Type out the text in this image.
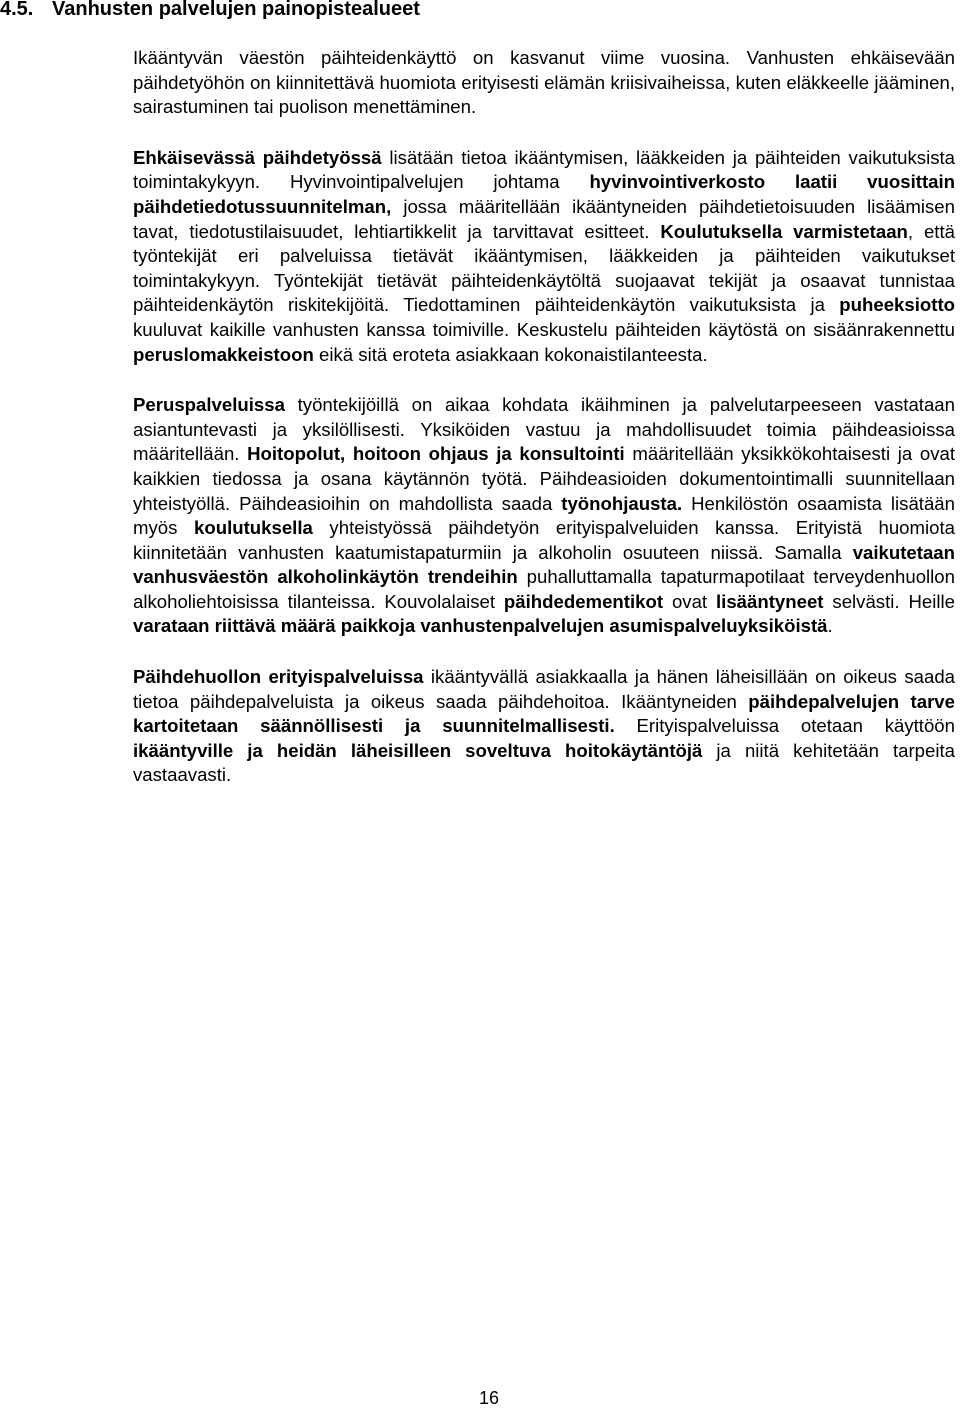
4.5. Vanhusten palvelujen painopistealueet

Ikääntyvän väestön päihteidenkäyttö on kasvanut viime vuosina. Vanhusten ehkäisevään päihdetyöhön on kiinnitettävä huomiota erityisesti elämän kriisivaiheissa, kuten eläkkeelle jääminen, sairastuminen tai puolison menettäminen.

Ehkäisevässä päihdetyössä lisätään tietoa ikääntymisen, lääkkeiden ja päihteiden vaikutuksista toimintakykyyn. Hyvinvointipalvelujen johtama hyvinvointiverkosto laatii vuosittain päihdetiedotussuunnitelman, jossa määritellään ikääntyneiden päihdetietoisuuden lisäämisen tavat, tiedotustilaisuudet, lehtiartikkelit ja tarvittavat esitteet. Koulutuksella varmistetaan, että työntekijät eri palveluissa tietävät ikääntymisen, lääkkeiden ja päihteiden vaikutukset toimintakykyyn. Työntekijät tietävät päihteidenkäytöltä suojaavat tekijät ja osaavat tunnistaa päihteidenkäytön riskitekijöitä. Tiedottaminen päihteidenkäytön vaikutuksista ja puheeksiotto kuuluvat kaikille vanhusten kanssa toimiville. Keskustelu päihteiden käytöstä on sisäänrakennettu peruslomakkeistoon eikä sitä eroteta asiakkaan kokonaistilanteesta.

Peruspalveluissa työntekijöillä on aikaa kohdata ikäihminen ja palvelutarpeeseen vastataan asiantuntevasti ja yksilöllisesti. Yksiköiden vastuu ja mahdollisuudet toimia päihdeasioissa määritellään. Hoitopolut, hoitoon ohjaus ja konsultointi määritellään yksikkökohtaisesti ja ovat kaikkien tiedossa ja osana käytännön työtä. Päihdeasioiden dokumentointimalli suunnitellaan yhteistyöllä. Päihdeasioihin on mahdollista saada työnohjausta. Henkilöstön osaamista lisätään myös koulutuksella yhteistyössä päihdetyön erityispalveluiden kanssa. Erityistä huomiota kiinnitetään vanhusten kaatumistapaturmiin ja alkoholin osuuteen niissä. Samalla vaikutetaan vanhusväestön alkoholinkäytön trendeihin puhalluttamalla tapaturmapotilaat terveydenhuollon alkoholiehtoisissa tilanteissa. Kouvolalaiset päihdedementikot ovat lisääntyneet selvästi. Heille varataan riittävä määrä paikkoja vanhustenpalvelujen asumispalveluyksiköistä.

Päihdehuollon erityispalveluissa ikääntyvällä asiakkaalla ja hänen läheisillään on oikeus saada tietoa päihdepalveluista ja oikeus saada päihdehoitoa. Ikääntyneiden päihdepalvelujen tarve kartoitetaan säännöllisesti ja suunnitelmallisesti. Erityispalveluissa otetaan käyttöön ikääntyville ja heidän läheisilleen soveltuva hoitokäytäntöjä ja niitä kehitetään tarpeita vastaavasti.

16
